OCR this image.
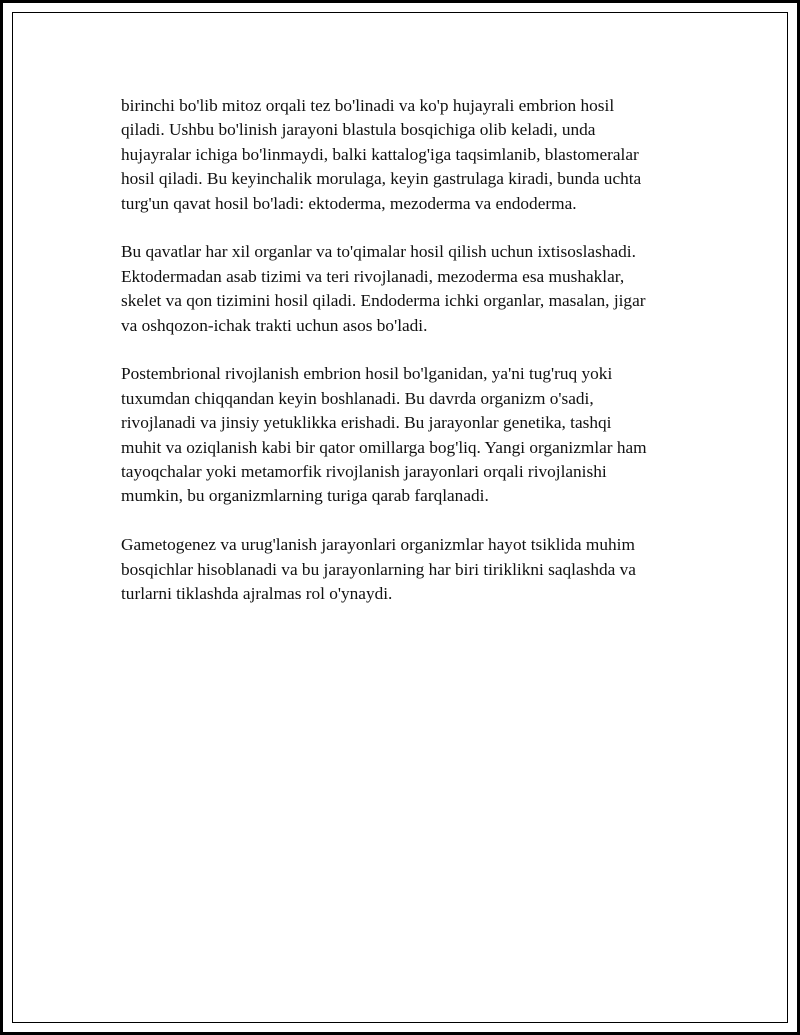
birinchi bo'lib mitoz orqali tez bo'linadi va ko'p hujayrali embrion hosil
qiladi. Ushbu bo'linish jarayoni blastula bosqichiga olib keladi, unda
hujayralar ichiga bo'linmaydi, balki kattalog'iga taqsimlanib, blastomeralar
hosil qiladi. Bu keyinchalik morulaga, keyin gastrulaga kiradi, bunda uchta
turg'un qavat hosil bo'ladi: ektoderma, mezoderma va endoderma.

Bu qavatlar har xil organlar va to'qimalar hosil qilish uchun ixtisoslashadi.
Ektodermadan asab tizimi va teri rivojlanadi, mezoderma esa mushaklar,
skelet va qon tizimini hosil qiladi. Endoderma ichki organlar, masalan, jigar
va oshqozon-ichak trakti uchun asos bo'ladi.

Postembrional rivojlanish embrion hosil bo'lganidan, ya'ni tug'ruq yoki
tuxumdan chiqqandan keyin boshlanadi. Bu davrda organizm o'sadi,
rivojlanadi va jinsiy yetuklikka erishadi. Bu jarayonlar genetika, tashqi
muhit va oziqlanish kabi bir qator omillarga bog'liq. Yangi organizmlar ham
tayoqchalar yoki metamorfik rivojlanish jarayonlari orqali rivojlanishi
mumkin, bu organizmlarning turiga qarab farqlanadi.

Gametogenez va urug'lanish jarayonlari organizmlar hayot tsiklida muhim
bosqichlar hisoblanadi va bu jarayonlarning har biri tiriklikni saqlashda va
turlarni tiklashda ajralmas rol o'ynaydi.
